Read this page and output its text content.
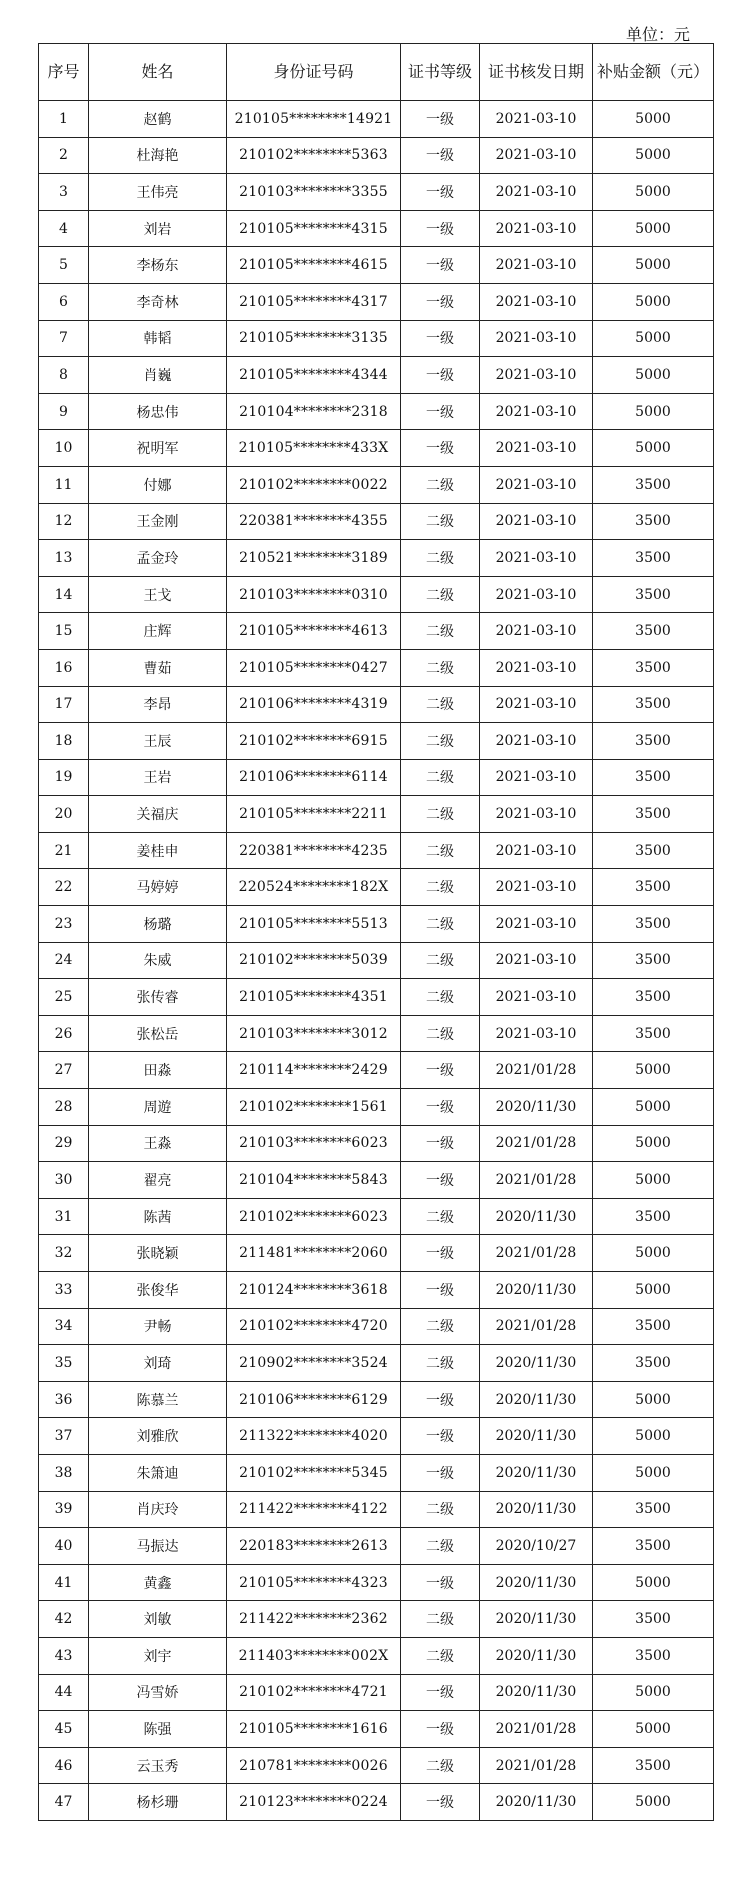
单位：元
序号	姓名	身份证号码	证书等级	证书核发日期	补贴金额（元）
1	赵鹤	210105********14921	一级	2021-03-10	5000
2	杜海艳	210102********5363	一级	2021-03-10	5000
3	王伟亮	210103********3355	一级	2021-03-10	5000
4	刘岩	210105********4315	一级	2021-03-10	5000
5	李杨东	210105********4615	一级	2021-03-10	5000
6	李奇林	210105********4317	一级	2021-03-10	5000
7	韩韬	210105********3135	一级	2021-03-10	5000
8	肖巍	210105********4344	一级	2021-03-10	5000
9	杨忠伟	210104********2318	一级	2021-03-10	5000
10	祝明军	210105********433X	一级	2021-03-10	5000
11	付娜	210102********0022	二级	2021-03-10	3500
12	王金刚	220381********4355	二级	2021-03-10	3500
13	孟金玲	210521********3189	二级	2021-03-10	3500
14	王戈	210103********0310	二级	2021-03-10	3500
15	庄辉	210105********4613	二级	2021-03-10	3500
16	曹茹	210105********0427	二级	2021-03-10	3500
17	李昂	210106********4319	二级	2021-03-10	3500
18	王辰	210102********6915	二级	2021-03-10	3500
19	王岩	210106********6114	二级	2021-03-10	3500
20	关福庆	210105********2211	二级	2021-03-10	3500
21	姜桂申	220381********4235	二级	2021-03-10	3500
22	马婷婷	220524********182X	二级	2021-03-10	3500
23	杨璐	210105********5513	二级	2021-03-10	3500
24	朱威	210102********5039	二级	2021-03-10	3500
25	张传睿	210105********4351	二级	2021-03-10	3500
26	张松岳	210103********3012	二级	2021-03-10	3500
27	田淼	210114********2429	一级	2021/01/28	5000
28	周遊	210102********1561	一级	2020/11/30	5000
29	王淼	210103********6023	一级	2021/01/28	5000
30	翟亮	210104********5843	一级	2021/01/28	5000
31	陈茜	210102********6023	二级	2020/11/30	3500
32	张晓颖	211481********2060	一级	2021/01/28	5000
33	张俊华	210124********3618	一级	2020/11/30	5000
34	尹畅	210102********4720	二级	2021/01/28	3500
35	刘琦	210902********3524	二级	2020/11/30	3500
36	陈慕兰	210106********6129	一级	2020/11/30	5000
37	刘雅欣	211322********4020	一级	2020/11/30	5000
38	朱箫迪	210102********5345	一级	2020/11/30	5000
39	肖庆玲	211422********4122	二级	2020/11/30	3500
40	马振达	220183********2613	二级	2020/10/27	3500
41	黄鑫	210105********4323	一级	2020/11/30	5000
42	刘敏	211422********2362	二级	2020/11/30	3500
43	刘宇	211403********002X	二级	2020/11/30	3500
44	冯雪娇	210102********4721	一级	2020/11/30	5000
45	陈强	210105********1616	一级	2021/01/28	5000
46	云玉秀	210781********0026	二级	2021/01/28	3500
47	杨杉珊	210123********0224	一级	2020/11/30	5000
